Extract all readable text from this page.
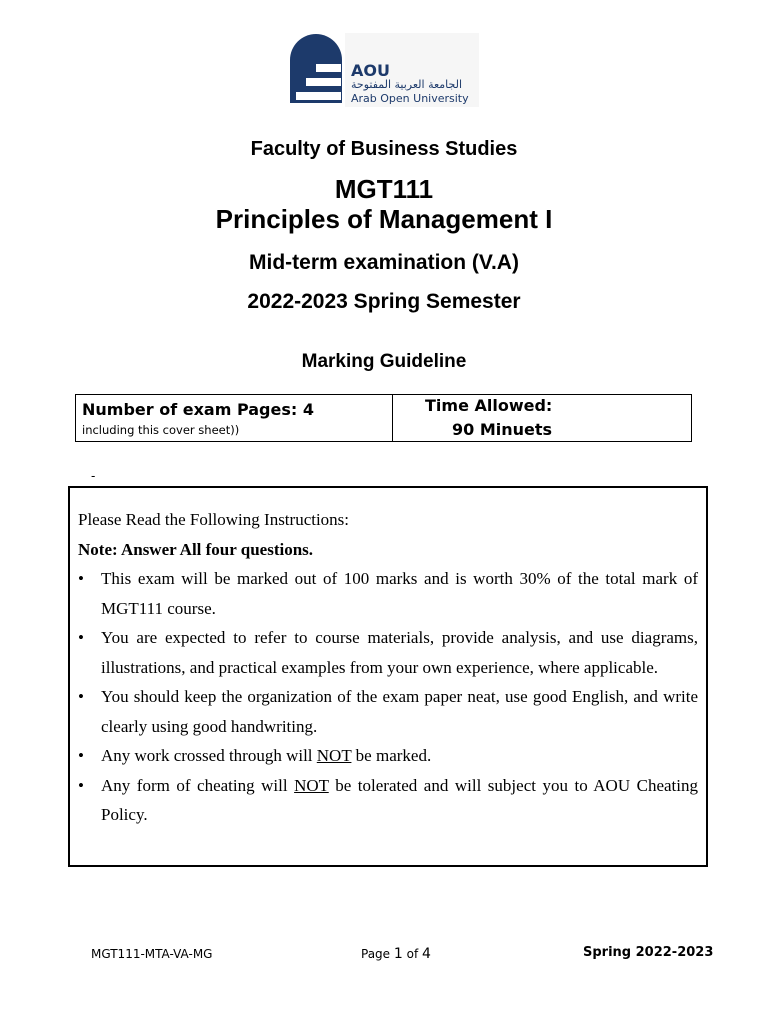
AOU
الجامعة العربية المفتوحة
Arab Open University
Faculty of Business Studies
MGT111
Principles of Management I
Mid-term examination (V.A)
2022-2023 Spring Semester
Marking Guideline
Number of exam Pages: 4
including this cover sheet))
Time Allowed:
90 Minuets
-

Please Read the Following Instructions:

Note: Answer All four questions.

• This exam will be marked out of 100 marks and is worth 30% of the total mark of MGT111 course.
• You are expected to refer to course materials, provide analysis, and use diagrams, illustrations, and practical examples from your own experience, where applicable.
• You should keep the organization of the exam paper neat, use good English, and write clearly using good handwriting.
• Any work crossed through will NOT be marked.
• Any form of cheating will NOT be tolerated and will subject you to AOU Cheating Policy.
MGT111-MTA-VA-MG	Page 1 of 4	Spring 2022-2023
